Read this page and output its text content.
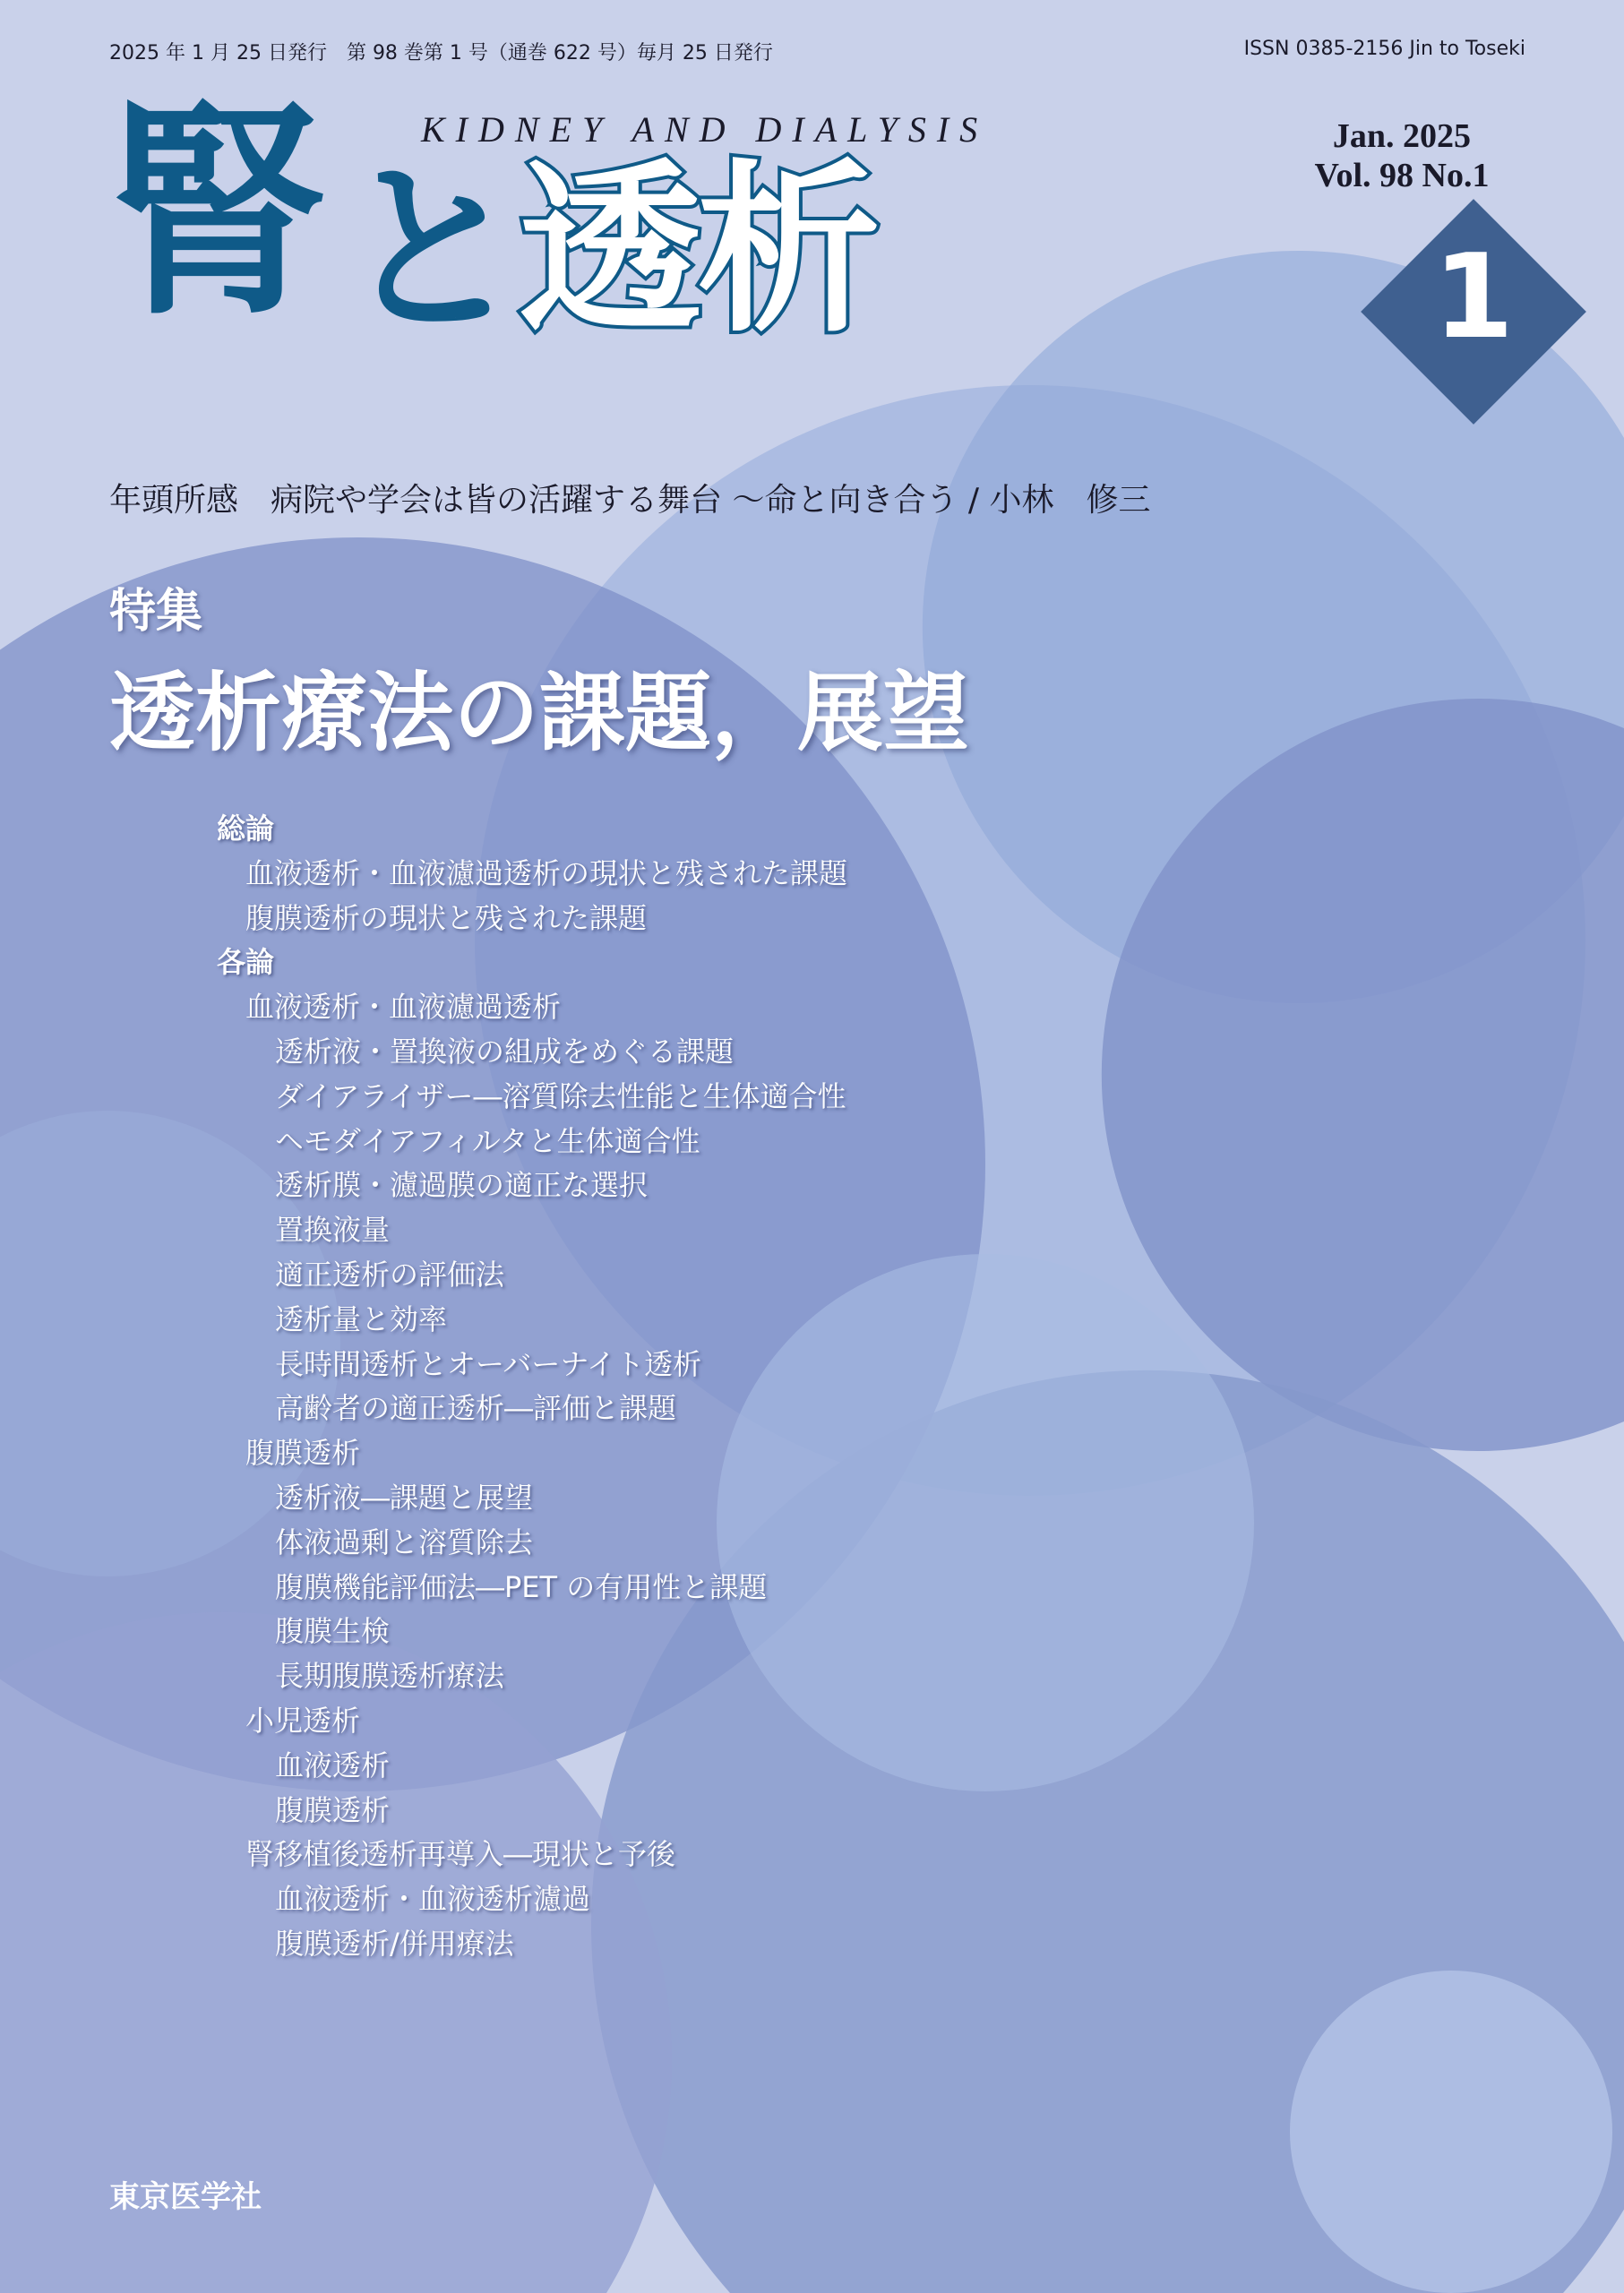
2025 年 1 月 25 日発行　第 98 巻第 1 号（通巻 622 号）毎月 25 日発行	ISSN 0385-2156 Jin to Toseki
腎 と透析
KIDNEY AND DIALYSIS	Jan. 2025
Vol. 98 No.1
1
年頭所感　病院や学会は皆の活躍する舞台 〜命と向き合う / 小林　修三
特集
透析療法の課題，展望
総論
血液透析・血液濾過透析の現状と残された課題
腹膜透析の現状と残された課題
各論
血液透析・血液濾過透析
透析液・置換液の組成をめぐる課題
ダイアライザー―溶質除去性能と生体適合性
ヘモダイアフィルタと生体適合性
透析膜・濾過膜の適正な選択
置換液量
適正透析の評価法
透析量と効率
長時間透析とオーバーナイト透析
高齢者の適正透析―評価と課題
腹膜透析
透析液―課題と展望
体液過剰と溶質除去
腹膜機能評価法―PET の有用性と課題
腹膜生検
長期腹膜透析療法
小児透析
血液透析
腹膜透析
腎移植後透析再導入―現状と予後
血液透析・血液透析濾過
腹膜透析/併用療法
東京医学社
